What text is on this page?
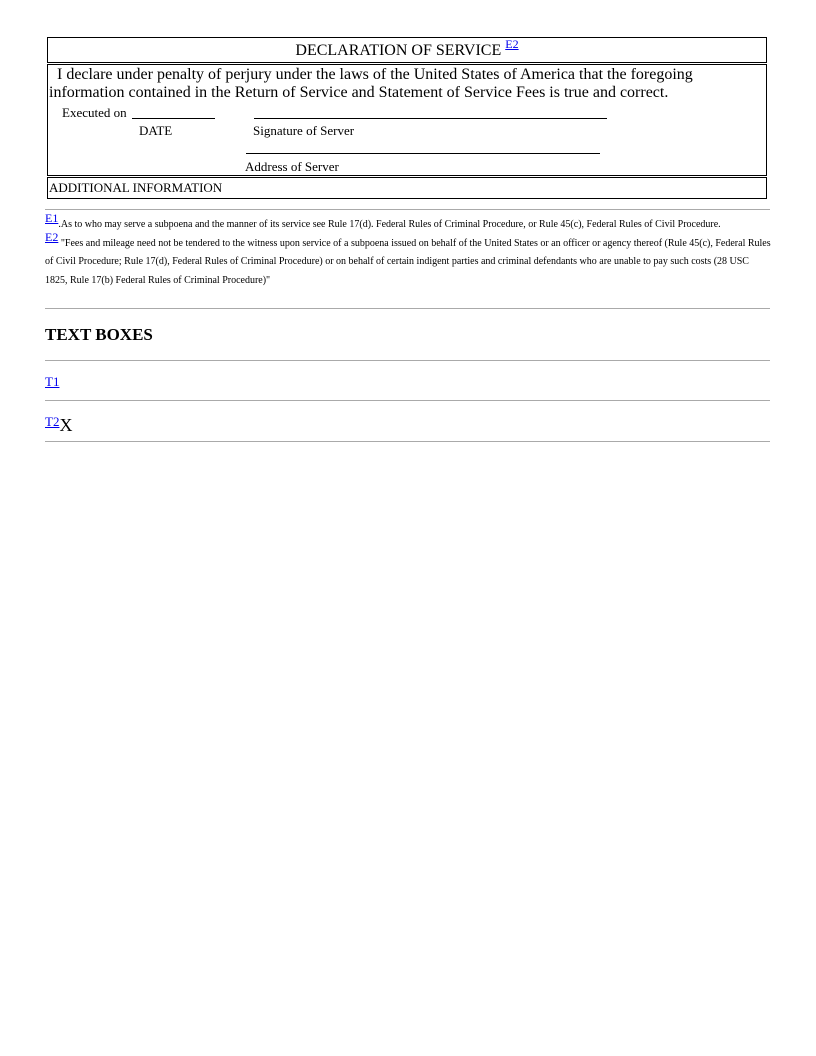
DECLARATION OF SERVICE $^{E2}$
I declare under penalty of perjury under the laws of the United States of America that the foregoing information contained in the Return of Service and Statement of Service Fees is true and correct.
Executed on
DATE	Signature of Server
Address of Server
ADDITIONAL INFORMATION
$^{E1}$.As to who may serve a subpoena and the manner of its service see Rule 17(d). Federal Rules of Criminal Procedure, or Rule 45(c), Federal Rules of Civil Procedure.
$^{E2}$ "Fees and mileage need not be tendered to the witness upon service of a subpoena issued on behalf of the United States or an officer or agency thereof (Rule 45(c), Federal Rules of Civil Procedure; Rule 17(d), Federal Rules of Criminal Procedure) or on behalf of certain indigent parties and criminal defendants who are unable to pay such costs (28 USC 1825, Rule 17(b) Federal Rules of Criminal Procedure)"
TEXT BOXES
T1
T2X
